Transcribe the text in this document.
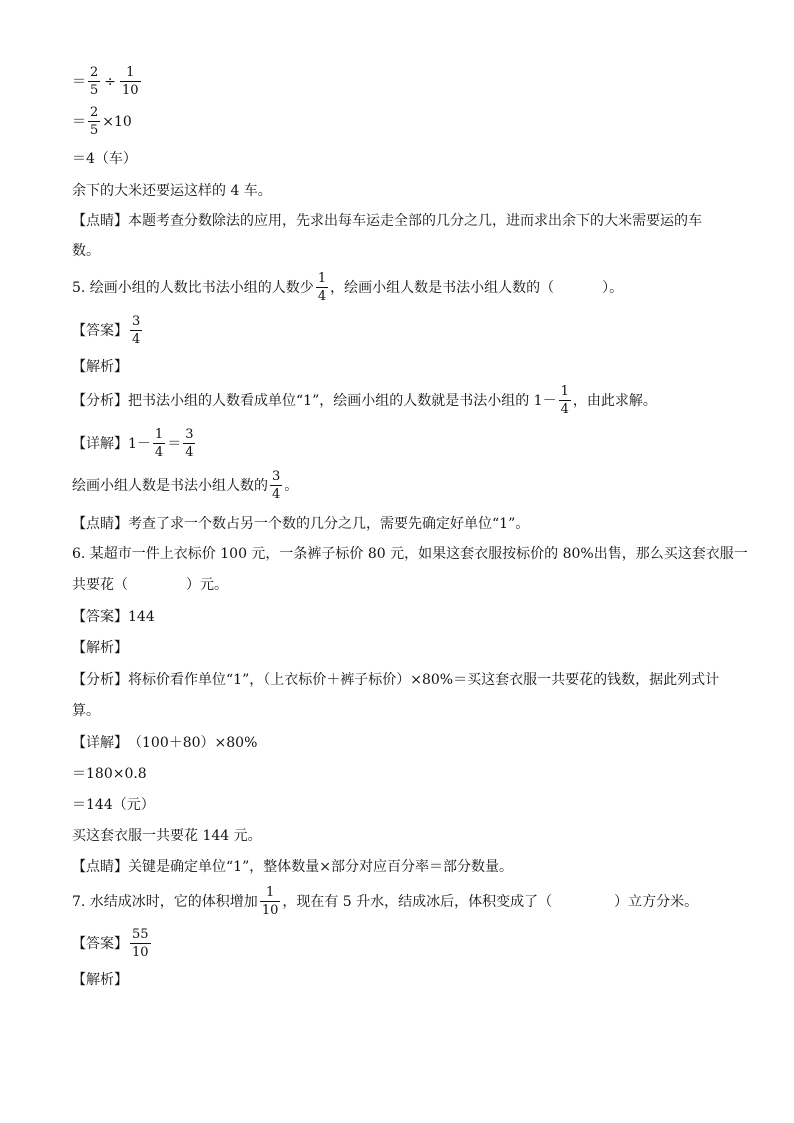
＝ $\frac{2}{5} \div \frac{1}{10}$
＝ $\frac{2}{5} \times 10$
＝4（车）
余下的大米还要运这样的 4 车。
【点睛】 本题考查分数除法的应用，先求出每车运走全部的几分之几，进而求出余下的大米需要运的车
数。
5. 绘画小组的人数比书法小组的人数少 $\frac{1}{4}$ ，绘画小组人数是书法小组人数的（	）。
【答案】 $\frac{3}{4}$
【解析】
【分析】 把书法小组的人数看成单位“1”，绘画小组的人数就是书法小组的 $1- \frac{1}{4}$ ，由此求解。
【详解】 $1- \frac{1}{4} = \frac{3}{4}$
绘画小组人数是书法小组人数的 $\frac{3}{4}$ 。
【点睛】 考查了求一个数占另一个数的几分之几，需要先确定好单位“1”。
6. 某超市一件上衣标价 100 元，一条裤子标价 80 元，如果这套衣服按标价的 80%出售，那么买这套衣服一
共要花（	）元。
【答案】 144
【解析】
【分析】 将标价看作单位“1”，（上衣标价＋裤子标价）×80%＝买这套衣服一共要花的钱数，据此列式计
算。
【详解】 （100＋80）×80%
＝180×0.8
＝144（元）
买这套衣服一共要花 144 元。
【点睛】 关键是确定单位“1”，整体数量×部分对应百分率＝部分数量。
7. 水结成冰时，它的体积增加 $\frac{1}{10}$ ，现在有 5 升水，结成冰后，体积变成了（	）立方分米。
【答案】 $\frac{55}{10}$
【解析】
